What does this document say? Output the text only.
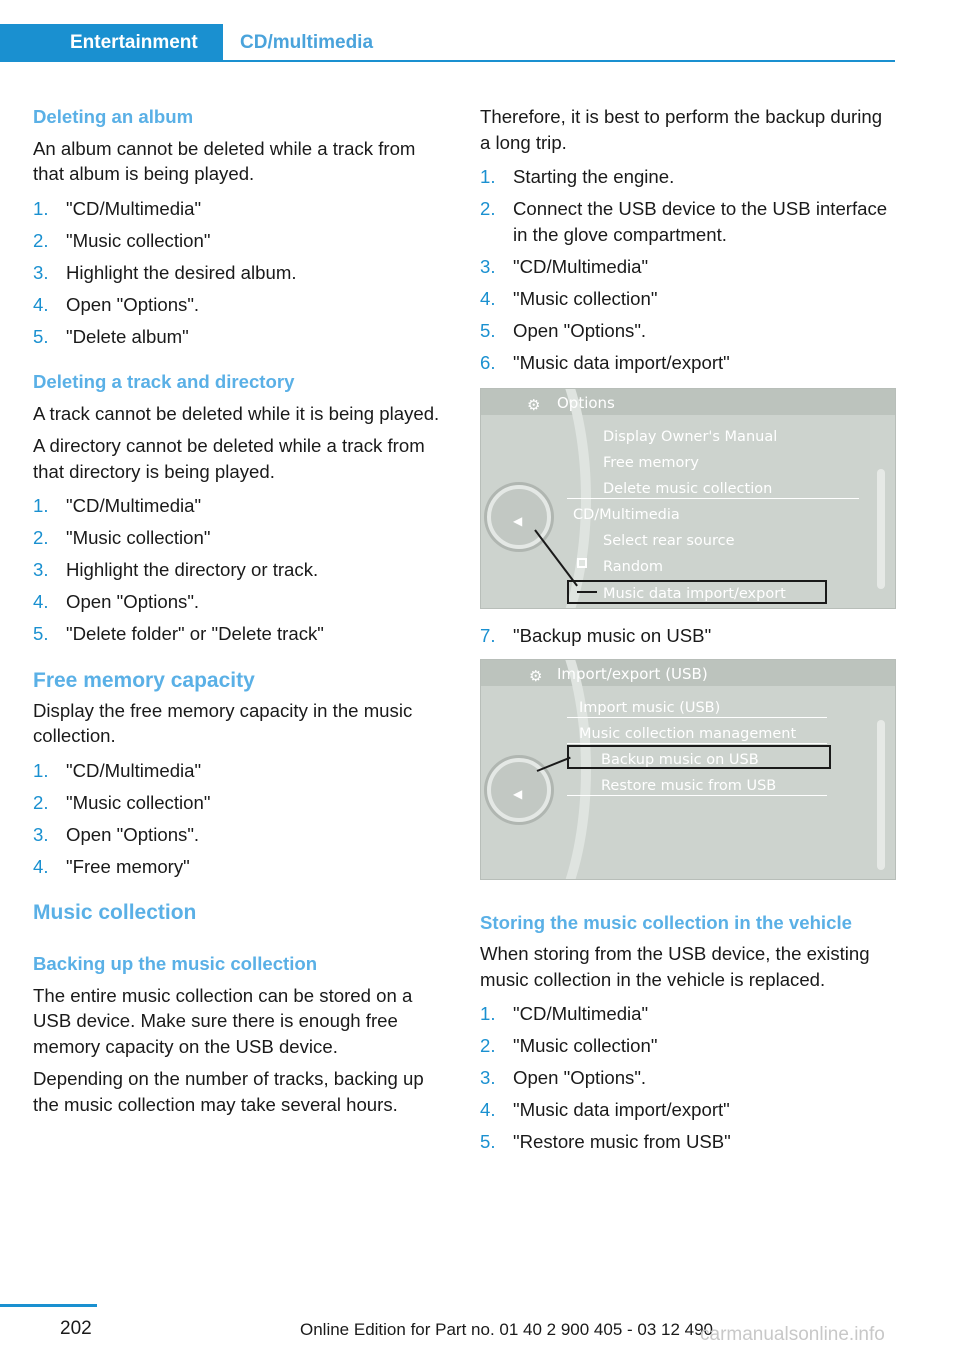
Entertainment	CD/multimedia
Deleting an album
An album cannot be deleted while a track from that album is being played.
1. "CD/Multimedia"
2. "Music collection"
3. Highlight the desired album.
4. Open "Options".
5. "Delete album"
Deleting a track and directory
A track cannot be deleted while it is being played.
A directory cannot be deleted while a track from that directory is being played.
1. "CD/Multimedia"
2. "Music collection"
3. Highlight the directory or track.
4. Open "Options".
5. "Delete folder" or "Delete track"
Free memory capacity
Display the free memory capacity in the music collection.
1. "CD/Multimedia"
2. "Music collection"
3. Open "Options".
4. "Free memory"
Music collection
Backing up the music collection
The entire music collection can be stored on a USB device. Make sure there is enough free memory capacity on the USB device.
Depending on the number of tracks, backing up the music collection may take several hours.
Therefore, it is best to perform the backup during a long trip.
1. Starting the engine.
2. Connect the USB device to the USB interface in the glove compartment.
3. "CD/Multimedia"
4. "Music collection"
5. Open "Options".
6. "Music data import/export"
⚙ Options
Display Owner's Manual
Free memory
Delete music collection
CD/Multimedia
Select rear source
Random
Music data import/export
◀
7. "Backup music on USB"
⚙ Import/export (USB)
Import music (USB)
Music collection management
Backup music on USB
Restore music from USB
◀
Storing the music collection in the vehicle
When storing from the USB device, the existing music collection in the vehicle is replaced.
1. "CD/Multimedia"
2. "Music collection"
3. Open "Options".
4. "Music data import/export"
5. "Restore music from USB"
202	Online Edition for Part no. 01 40 2 900 405 - 03 12 490
carmanualsonline.info
